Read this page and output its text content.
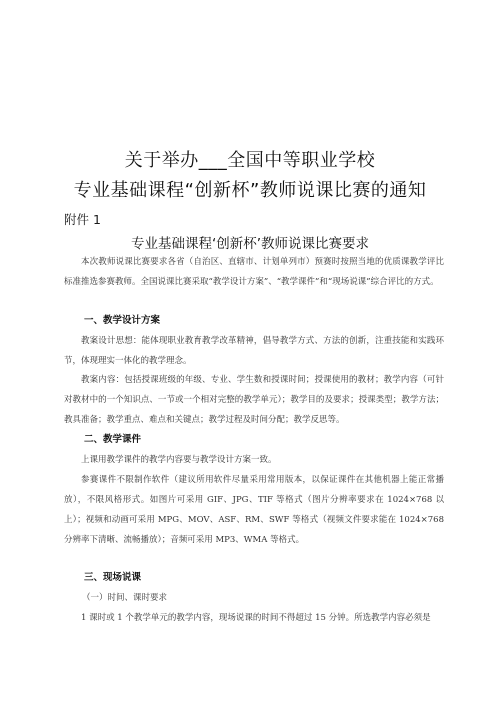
关于举办___全国中等职业学校
专业基础课程“创新杯”教师说课比赛的通知
附件 1
专业基础课程‘创新杯’教师说课比赛要求

本次教师说课比赛要求各省（自治区、直辖市、计划单列市）预赛时按照当地的优质课教学评比标准推选参赛教师。全国说课比赛采取“教学设计方案”、“教学课件”和“现场说课”综合评比的方式。

一、教学设计方案

教案设计思想：能体现职业教育教学改革精神，倡导教学方式、方法的创新，注重技能和实践环节，体现理实一体化的教学理念。

教案内容：包括授课班级的年级、专业、学生数和授课时间；授课使用的教材；教学内容（可针对教材中的一个知识点、一节或一个相对完整的教学单元）；教学目的及要求；授课类型；教学方法；教具准备；教学重点、难点和关键点；教学过程及时间分配；教学反思等。

二、教学课件

上课用教学课件的教学内容要与教学设计方案一致。

参赛课件不限制作软件（建议所用软件尽量采用常用版本，以保证课件在其他机器上能正常播放），不限风格形式。如图片可采用 GIF、JPG、TIF 等格式（图片分辨率要求在 1024×768 以上）；视频和动画可采用 MPG、MOV、ASF、RM、SWF 等格式（视频文件要求能在 1024×768 分辨率下清晰、流畅播放）；音频可采用 MP3、WMA 等格式。

三、现场说课
（一）时间、课时要求

1 课时或 1 个教学单元的教学内容，现场说课的时间不得超过 15 分钟。所选教学内容必须是
